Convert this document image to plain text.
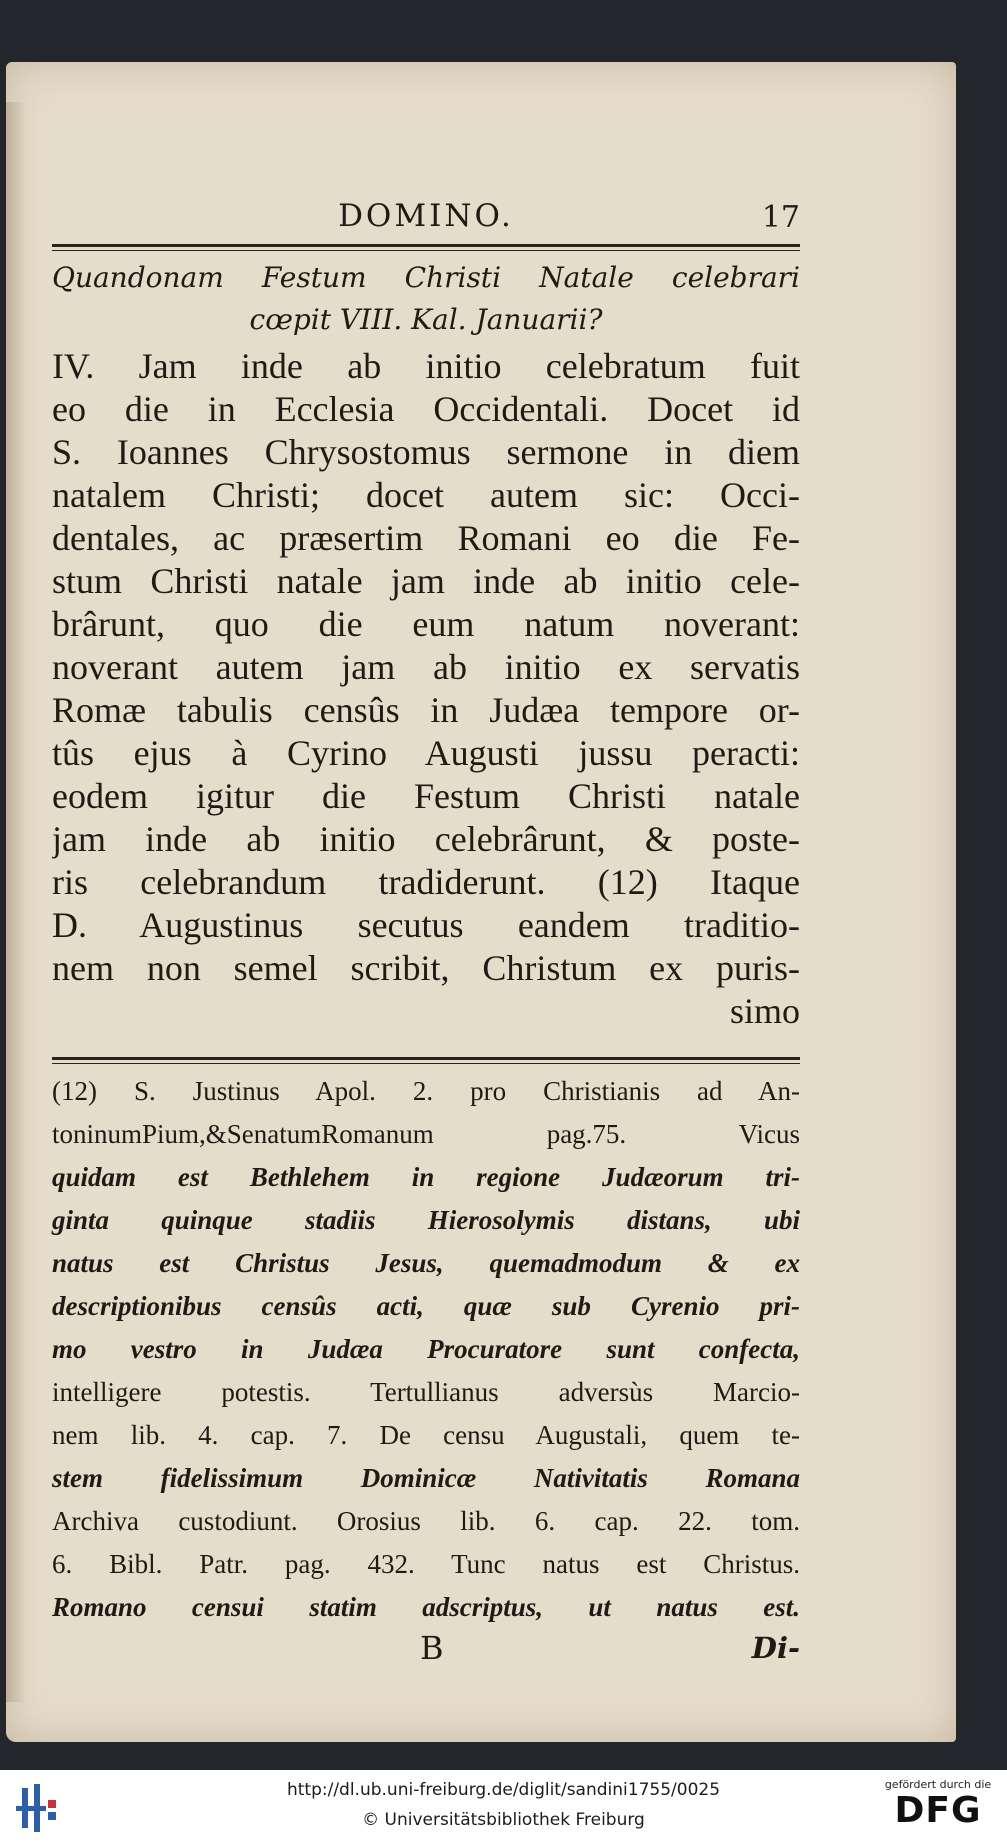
DOMINO.	17
Quandonam Festum Christi Natale celebrari
cœpit VIII. Kal. Januarii?
IV. Jam inde ab initio celebratum fuit
eo die in Ecclesia Occidentali. Docet id
S. Ioannes Chrysostomus sermone in diem
natalem Christi; docet autem sic: Occi-
dentales, ac præsertim Romani eo die Fe-
stum Christi natale jam inde ab initio cele-
brârunt, quo die eum natum noverant:
noverant autem jam ab initio ex servatis
Romæ tabulis censûs in Judæa tempore or-
tûs ejus à Cyrino Augusti jussu peracti:
eodem igitur die Festum Christi natale
jam inde ab initio celebrârunt, & poste-
ris celebrandum tradiderunt. (12) Itaque
D. Augustinus secutus eandem traditio-
nem non semel scribit, Christum ex puris-
simo
(12) S. Justinus Apol. 2. pro Christianis ad An-
toninumPium,&SenatumRomanum pag.75. Vicus
quidam est Bethlehem in regione Judæorum tri-
ginta quinque stadiis Hierosolymis distans, ubi
natus est Christus Jesus, quemadmodum & ex
descriptionibus censûs acti, quæ sub Cyrenio pri-
mo vestro in Judæa Procuratore sunt confecta,
intelligere potestis. Tertullianus adversùs Marcio-
nem lib. 4. cap. 7. De censu Augustali, quem te-
stem fidelissimum Dominicæ Nativitatis Romana
Archiva custodiunt. Orosius lib. 6. cap. 22. tom.
6. Bibl. Patr. pag. 432. Tunc natus est Christus.
Romano censui statim adscriptus, ut natus est.
B	Di-
http://dl.ub.uni-freiburg.de/diglit/sandini1755/0025
© Universitätsbibliothek Freiburg
gefördert durch die
DFG
